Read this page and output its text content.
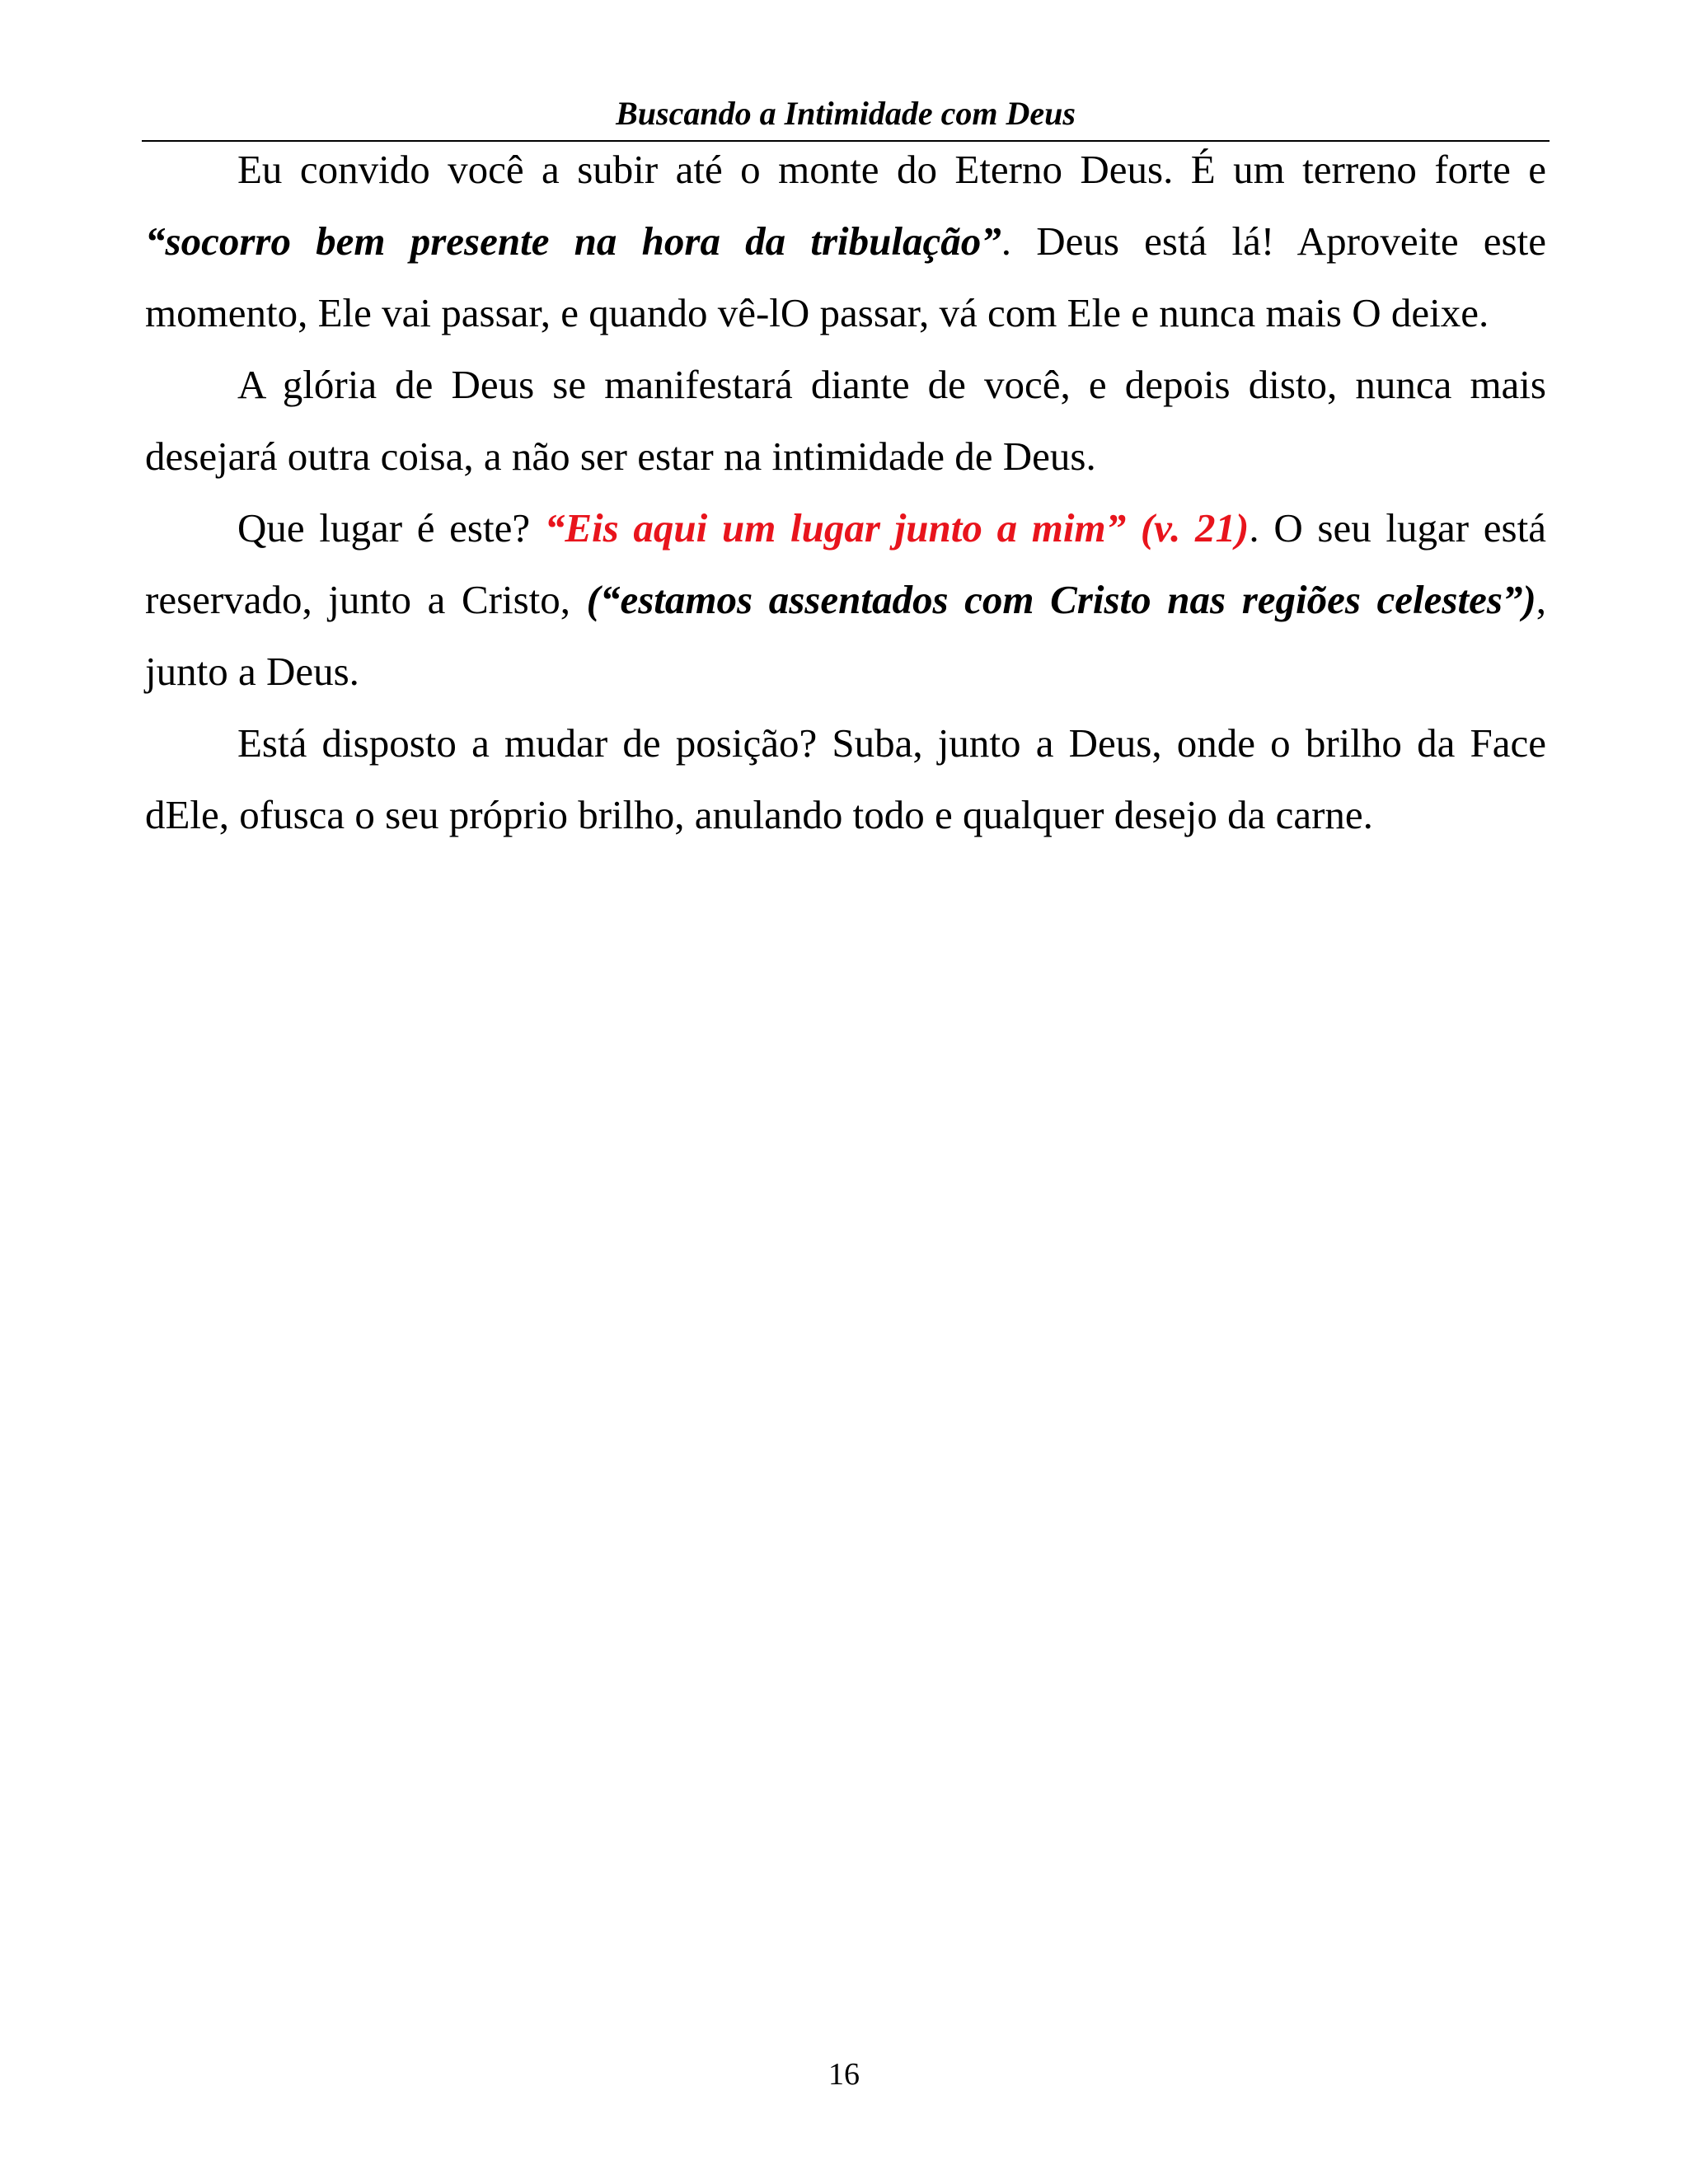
Buscando a Intimidade com Deus

Eu convido você a subir até o monte do Eterno Deus. É um terreno forte e “socorro bem presente na hora da tribulação”. Deus está lá! Aproveite este momento, Ele vai passar, e quando vê-lO passar, vá com Ele e nunca mais O deixe.

A glória de Deus se manifestará diante de você, e depois disto, nunca mais desejará outra coisa, a não ser estar na intimidade de Deus.

Que lugar é este? “Eis aqui um lugar junto a mim” (v. 21). O seu lugar está reservado, junto a Cristo, (“estamos assentados com Cristo nas regiões celestes”), junto a Deus.

Está disposto a mudar de posição? Suba, junto a Deus, onde o brilho da Face dEle, ofusca o seu próprio brilho, anulando todo e qualquer desejo da carne.

16
